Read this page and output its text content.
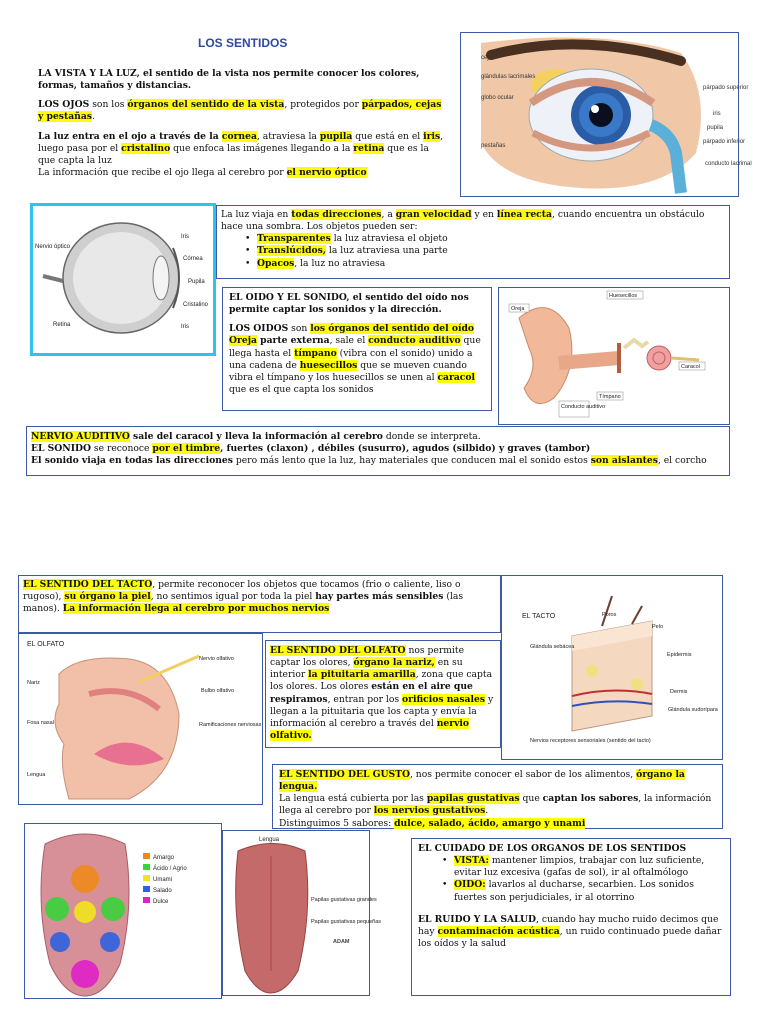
LOS SENTIDOS
LA VISTA Y LA LUZ, el sentido de la vista nos permite conocer los colores, formas, tamaños y distancias.
LOS OJOS son los órganos del sentido de la vista, protegidos por párpados, cejas y pestañas.
La luz entra en el ojo a través de la cornea, atraviesa la pupila que está en el iris, luego pasa por el cristalino que enfoca las imágenes llegando a la retina que es la que capta la luz
La información que recibe el ojo llega al cerebro por el nervio óptico
ceja
glándulas lacrimales
globo ocular
pestañas
párpado superior
iris
pupila
párpado inferior
conducto lacrimal
Nervio óptico
Iris
Córnea
Pupila
Cristalino
Iris
Retina
La luz viaja en todas direcciones, a gran velocidad y en línea recta, cuando encuentra un obstáculo hace una sombra. Los objetos pueden ser:
• Transparentes la luz atraviesa el objeto
• Translúcidos, la luz atraviesa una parte
• Opacos, la luz no atraviesa
EL OIDO Y EL SONIDO, el sentido del oído nos permite captar los sonidos y la dirección.
LOS OIDOS son los órganos del sentido del oído
Oreja parte externa, sale el conducto auditivo que llega hasta el tímpano (vibra con el sonido) unido a una cadena de huesecillos que se mueven cuando vibra el tímpano y los huesecillos se unen al caracol que es el que capta los sonidos
Oreja
Huesecillos
Caracol
Tímpano
Conducto auditivo
NERVIO AUDITIVO sale del caracol y lleva la información al cerebro donde se interpreta.
EL SONIDO se reconoce por el timbre, fuertes (claxon) , débiles (susurro), agudos (silbido) y graves (tambor)
El sonido viaja en todas las direcciones pero más lento que la luz, hay materiales que conducen mal el sonido estos son aislantes, el corcho
EL SENTIDO DEL TACTO, permite reconocer los objetos que tocamos (frio o caliente, liso o rugoso), su órgano la piel, no sentimos igual por toda la piel hay partes más sensibles (las manos). La información llega al cerebro por muchos nervios
EL TACTO	Poros
Pelo
Glándula sebácea
Epidermis
Dermis
Glándula sudorípara
Nervios receptores sensoriales (sentido del tacto)
EL OLFATO
Nervio olfativo
Nariz
Bulbo olfativo
Fosa nasal	Ramificaciones nerviosas
Lengua
EL SENTIDO DEL OLFATO nos permite captar los olores, órgano la nariz, en su interior la pituitaria amarilla, zona que capta los olores. Los olores están en el aire que respiramos, entran por los orificios nasales y llegan a la pituitaria que los capta y envía la información al cerebro a través del nervio olfativo.
EL SENTIDO DEL GUSTO, nos permite conocer el sabor de los alimentos, órgano la lengua.
La lengua está cubierta por las papilas gustativas que captan los sabores, la información llega al cerebro por los nervios gustativos.
Distinguimos 5 sabores: dulce, salado, ácido, amargo y unami
Amargo
Ácido / Agrio
Umami
Salado
Dulce
Lengua
Papilas gustativas grandes
Papilas gustativas pequeñas
ADAM
EL CUIDADO DE LOS ORGANOS DE LOS SENTIDOS
• VISTA: mantener limpios, trabajar con luz suficiente, evitar luz excesiva (gafas de sol), ir al oftalmólogo
• OIDO: lavarlos al ducharse, secarbien. Los sonidos fuertes son perjudiciales, ir al otorrino
EL RUIDO Y LA SALUD, cuando hay mucho ruido decimos que hay contaminación acústica, un ruido continuado puede dañar los oídos y la salud
